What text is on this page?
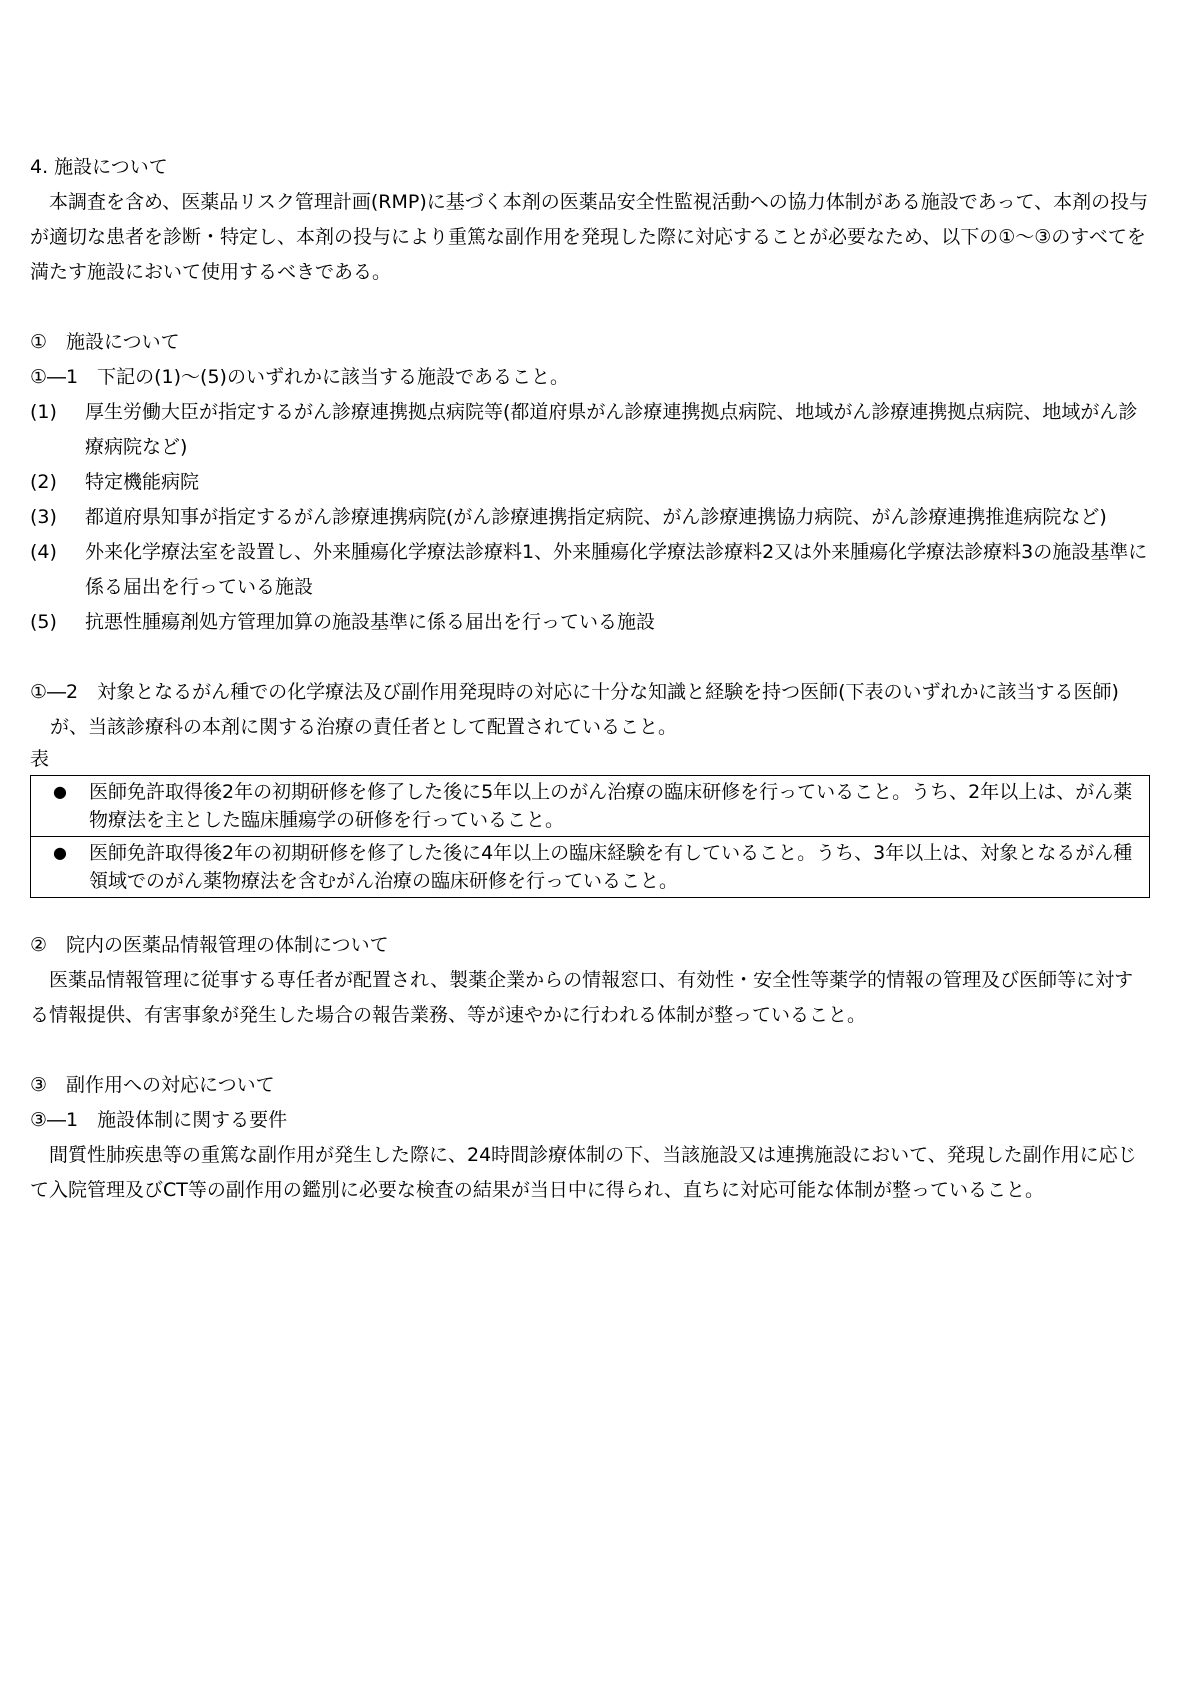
4. 施設について
本調査を含め、医薬品リスク管理計画(RMP)に基づく本剤の医薬品安全性監視活動への協力体制がある施設であって、本剤の投与が適切な患者を診断・特定し、本剤の投与により重篤な副作用を発現した際に対応することが必要なため、以下の①～③のすべてを満たす施設において使用するべきである。
①　施設について
①―1　下記の(1)～(5)のいずれかに該当する施設であること。
(1)	厚生労働大臣が指定するがん診療連携拠点病院等(都道府県がん診療連携拠点病院、地域がん診療連携拠点病院、地域がん診療病院など)
(2)	特定機能病院
(3)	都道府県知事が指定するがん診療連携病院(がん診療連携指定病院、がん診療連携協力病院、がん診療連携推進病院など)
(4)	外来化学療法室を設置し、外来腫瘍化学療法診療料1、外来腫瘍化学療法診療料2又は外来腫瘍化学療法診療料3の施設基準に係る届出を行っている施設
(5)	抗悪性腫瘍剤処方管理加算の施設基準に係る届出を行っている施設
①―2　対象となるがん種での化学療法及び副作用発現時の対応に十分な知識と経験を持つ医師(下表のいずれかに該当する医師)が、当該診療科の本剤に関する治療の責任者として配置されていること。
表
●	医師免許取得後2年の初期研修を修了した後に5年以上のがん治療の臨床研修を行っていること。うち、2年以上は、がん薬物療法を主とした臨床腫瘍学の研修を行っていること。
●	医師免許取得後2年の初期研修を修了した後に4年以上の臨床経験を有していること。うち、3年以上は、対象となるがん種領域でのがん薬物療法を含むがん治療の臨床研修を行っていること。
②　院内の医薬品情報管理の体制について
医薬品情報管理に従事する専任者が配置され、製薬企業からの情報窓口、有効性・安全性等薬学的情報の管理及び医師等に対する情報提供、有害事象が発生した場合の報告業務、等が速やかに行われる体制が整っていること。
③　副作用への対応について
③―1　施設体制に関する要件
間質性肺疾患等の重篤な副作用が発生した際に、24時間診療体制の下、当該施設又は連携施設において、発現した副作用に応じて入院管理及びCT等の副作用の鑑別に必要な検査の結果が当日中に得られ、直ちに対応可能な体制が整っていること。
